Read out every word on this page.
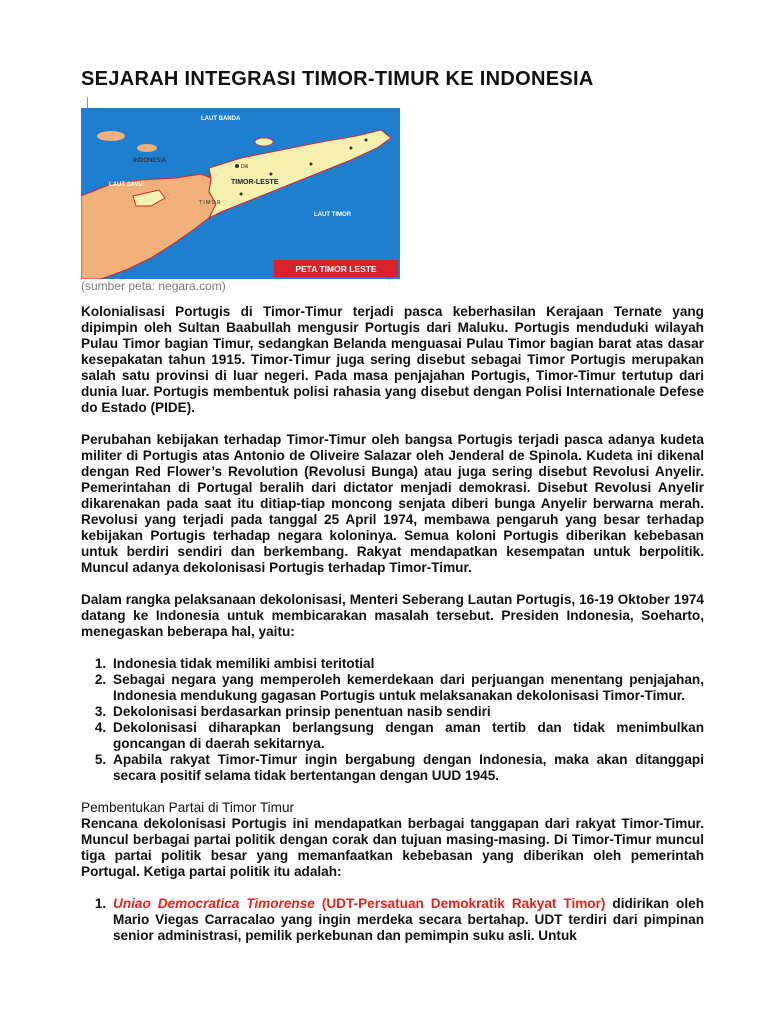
SEJARAH INTEGRASI TIMOR-TIMUR KE INDONESIA
LAUT BANDA
INDONESIA
LAUT SAVU	TIMOR-LESTE
Dili
T I M O R
LAUT TIMOR
PETA TIMOR LESTE
(sumber peta: negara.com)

Kolonialisasi Portugis di Timor-Timur terjadi pasca keberhasilan Kerajaan Ternate yang dipimpin oleh Sultan Baabullah mengusir Portugis dari Maluku. Portugis menduduki wilayah Pulau Timor bagian Timur, sedangkan Belanda menguasai Pulau Timor bagian barat atas dasar kesepakatan tahun 1915. Timor-Timur juga sering disebut sebagai Timor Portugis merupakan salah satu provinsi di luar negeri. Pada masa penjajahan Portugis, Timor-Timur tertutup dari dunia luar. Portugis membentuk polisi rahasia yang disebut dengan Polisi Internationale Defese do Estado (PIDE).

Perubahan kebijakan terhadap Timor-Timur oleh bangsa Portugis terjadi pasca adanya kudeta militer di Portugis atas Antonio de Oliveire Salazar oleh Jenderal de Spinola. Kudeta ini dikenal dengan Red Flower’s Revolution (Revolusi Bunga) atau juga sering disebut Revolusi Anyelir. Pemerintahan di Portugal beralih dari dictator menjadi demokrasi. Disebut Revolusi Anyelir dikarenakan pada saat itu ditiap-tiap moncong senjata diberi bunga Anyelir berwarna merah. Revolusi yang terjadi pada tanggal 25 April 1974, membawa pengaruh yang besar terhadap kebijakan Portugis terhadap negara koloninya. Semua koloni Portugis diberikan kebebasan untuk berdiri sendiri dan berkembang. Rakyat mendapatkan kesempatan untuk berpolitik. Muncul adanya dekolonisasi Portugis terhadap Timor-Timur.

Dalam rangka pelaksanaan dekolonisasi, Menteri Seberang Lautan Portugis, 16-19 Oktober 1974 datang ke Indonesia untuk membicarakan masalah tersebut. Presiden Indonesia, Soeharto, menegaskan beberapa hal, yaitu:

1. Indonesia tidak memiliki ambisi teritotial
2. Sebagai negara yang memperoleh kemerdekaan dari perjuangan menentang penjajahan, Indonesia mendukung gagasan Portugis untuk melaksanakan dekolonisasi Timor-Timur.
3. Dekolonisasi berdasarkan prinsip penentuan nasib sendiri
4. Dekolonisasi diharapkan berlangsung dengan aman tertib dan tidak menimbulkan goncangan di daerah sekitarnya.
5. Apabila rakyat Timor-Timur ingin bergabung dengan Indonesia, maka akan ditanggapi secara positif selama tidak bertentangan dengan UUD 1945.

Pembentukan Partai di Timor Timur

Rencana dekolonisasi Portugis ini mendapatkan berbagai tanggapan dari rakyat Timor-Timur. Muncul berbagai partai politik dengan corak dan tujuan masing-masing. Di Timor-Timur muncul tiga partai politik besar yang memanfaatkan kebebasan yang diberikan oleh pemerintah Portugal. Ketiga partai politik itu adalah:

1. Uniao Democratica Timorense (UDT-Persatuan Demokratik Rakyat Timor) didirikan oleh Mario Viegas Carracalao yang ingin merdeka secara bertahap. UDT terdiri dari pimpinan senior administrasi, pemilik perkebunan dan pemimpin suku asli. Untuk
